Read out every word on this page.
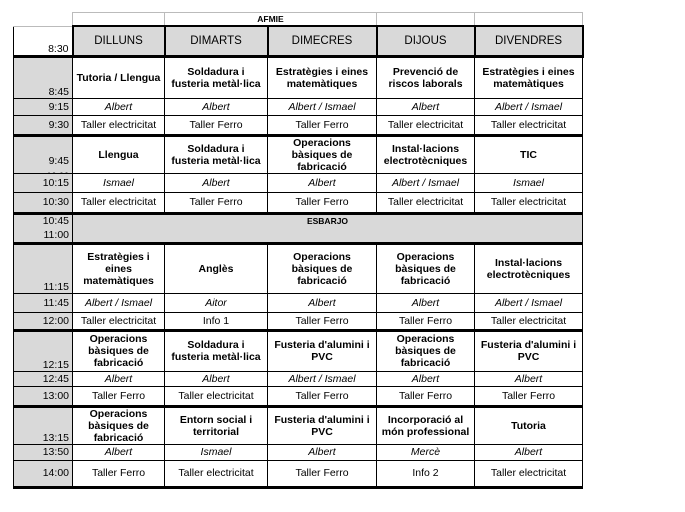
		AFMIE			
8:30	DILLUNS	DIMARTS	DIMECRES	DIJOUS	DIVENDRES
8:45	Tutoria / Llengua	Soldadura i fusteria metàl·lica	Estratègies i eines matemàtiques	Prevenció de riscos laborals	Estratègies i eines matemàtiques
9:15	Albert	Albert	Albert / Ismael	Albert	Albert / Ismael
9:30	Taller electricitat	Taller Ferro	Taller Ferro	Taller electricitat	Taller electricitat

9:45	Llengua	Soldadura i fusteria metàl·lica	Operacions bàsiques de fabricació	Instal·lacions electrotècniques	TIC
10:15	Ismael	Albert	Albert	Albert / Ismael	Ismael
10:30	Taller electricitat	Taller Ferro	Taller Ferro	Taller electricitat	Taller electricitat

10:45
11:00	ESBARJO				
11:15	Estratègies i eines matemàtiques	Anglès	Operacions bàsiques de fabricació	Operacions bàsiques de fabricació	Instal·lacions electrotècniques
11:45	Albert / Ismael	Aitor	Albert	Albert	Albert / Ismael
12:00	Taller electricitat	Info 1	Taller Ferro	Taller Ferro	Taller electricitat
12:15	Operacions bàsiques de fabricació	Soldadura i fusteria metàl·lica	Fusteria d'alumini i PVC	Operacions bàsiques de fabricació	Fusteria d'alumini i PVC
12:45	Albert	Albert	Albert / Ismael	Albert	Albert
13:00	Taller Ferro	Taller electricitat	Taller Ferro	Taller Ferro	Taller Ferro
13:15	Operacions bàsiques de fabricació	Entorn social i territorial	Fusteria d'alumini i PVC	Incorporació al món professional	Tutoria
13:50	Albert	Ismael	Albert	Mercè	Albert
14:00	Taller Ferro	Taller electricitat	Taller Ferro	Info 2	Taller electricitat
